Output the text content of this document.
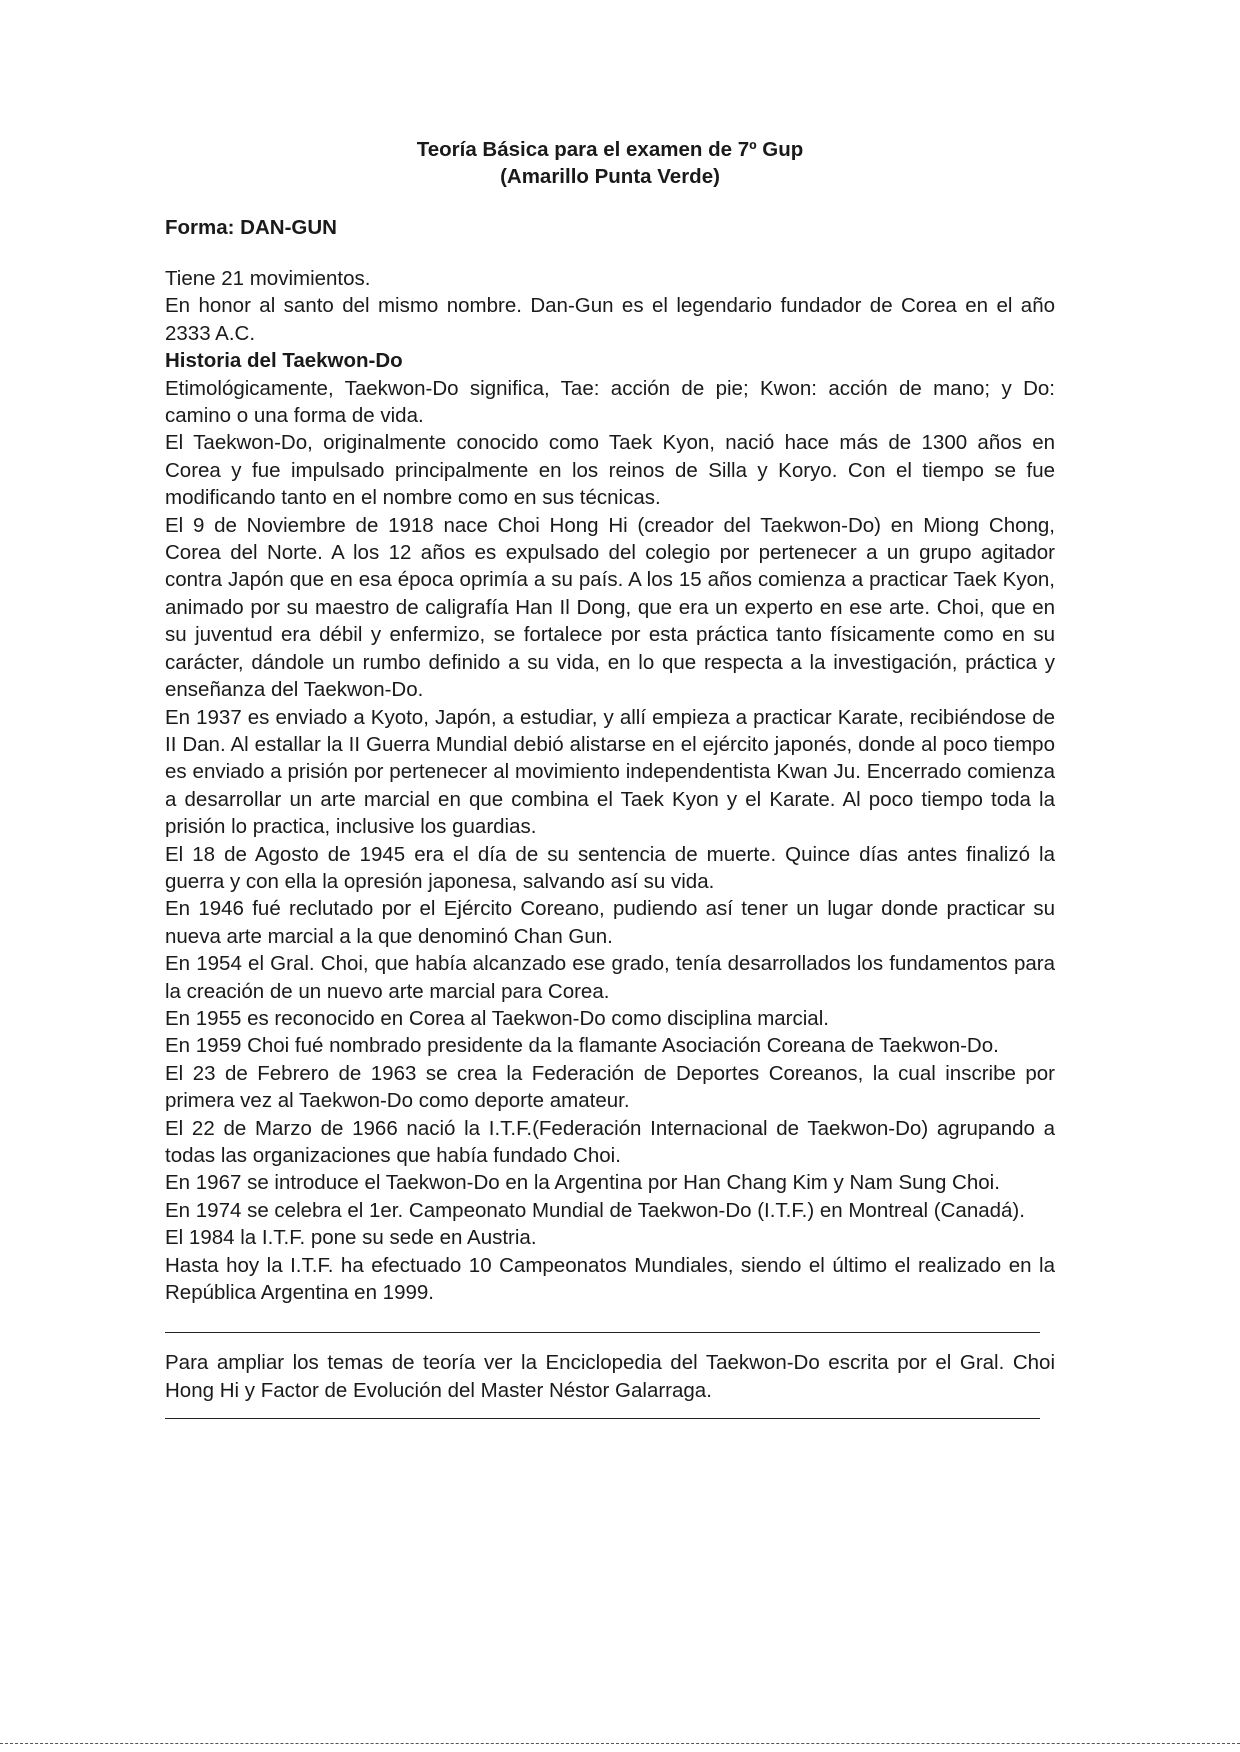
Teoría Básica para el examen de 7º Gup
(Amarillo Punta Verde)
Forma: DAN-GUN

Tiene 21 movimientos.

En honor al santo del mismo nombre. Dan-Gun es el legendario fundador de Corea en el año 2333 A.C.

Historia del Taekwon-Do

Etimológicamente, Taekwon-Do significa, Tae: acción de pie; Kwon: acción de mano; y Do: camino o una forma de vida.

El Taekwon-Do, originalmente conocido como Taek Kyon, nació hace más de 1300 años en Corea y fue impulsado principalmente en los reinos de Silla y Koryo. Con el tiempo se fue modificando tanto en el nombre como en sus técnicas.

El 9 de Noviembre de 1918 nace Choi Hong Hi (creador del Taekwon-Do) en Miong Chong, Corea del Norte. A los 12 años es expulsado del colegio por pertenecer a un grupo agitador contra Japón que en esa época oprimía a su país. A los 15 años comienza a practicar Taek Kyon, animado por su maestro de caligrafía Han Il Dong, que era un experto en ese arte. Choi, que en su juventud era débil y enfermizo, se fortalece por esta práctica tanto físicamente como en su carácter, dándole un rumbo definido a su vida, en lo que respecta a la investigación, práctica y enseñanza del Taekwon-Do.

En 1937 es enviado a Kyoto, Japón, a estudiar, y allí empieza a practicar Karate, recibiéndose de II Dan. Al estallar la II Guerra Mundial debió alistarse en el ejército japonés, donde al poco tiempo es enviado a prisión por pertenecer al movimiento independentista Kwan Ju. Encerrado comienza a desarrollar un arte marcial en que combina el Taek Kyon y el Karate. Al poco tiempo toda la prisión lo practica, inclusive los guardias.

El 18 de Agosto de 1945 era el día de su sentencia de muerte. Quince días antes finalizó la guerra y con ella la opresión japonesa, salvando así su vida.

En 1946 fué reclutado por el Ejército Coreano, pudiendo así tener un lugar donde practicar su nueva arte marcial a la que denominó Chan Gun.

En 1954 el Gral. Choi, que había alcanzado ese grado, tenía desarrollados los fundamentos para la creación de un nuevo arte marcial para Corea.

En 1955 es reconocido en Corea al Taekwon-Do como disciplina marcial.

En 1959 Choi fué nombrado presidente da la flamante Asociación Coreana de Taekwon-Do.

El 23 de Febrero de 1963 se crea la Federación de Deportes Coreanos, la cual inscribe por primera vez al Taekwon-Do como deporte amateur.

El 22 de Marzo de 1966 nació la I.T.F.(Federación Internacional de Taekwon-Do) agrupando a todas las organizaciones que había fundado Choi.

En 1967 se introduce el Taekwon-Do en la Argentina por Han Chang Kim y Nam Sung Choi.

En 1974 se celebra el 1er. Campeonato Mundial de Taekwon-Do (I.T.F.) en Montreal (Canadá).

El 1984 la I.T.F. pone su sede en Austria.

Hasta hoy la I.T.F. ha efectuado 10 Campeonatos Mundiales, siendo el último el realizado en la República Argentina en 1999.

Para ampliar los temas de teoría ver la Enciclopedia del Taekwon-Do escrita por el Gral. Choi Hong Hi y Factor de Evolución del Master Néstor Galarraga.
